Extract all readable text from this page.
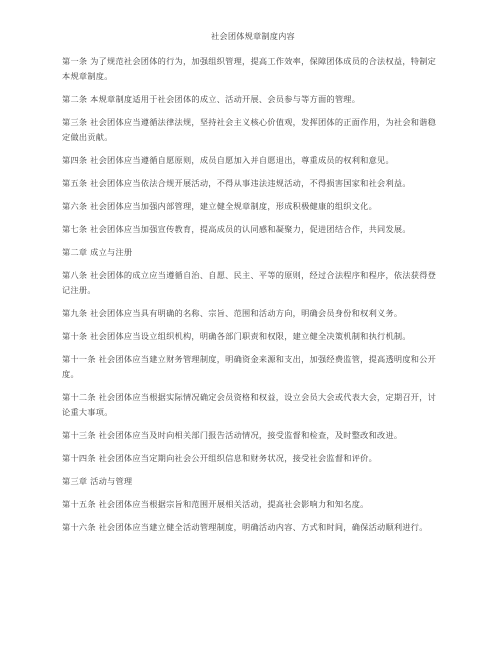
社会团体规章制度内容
第一条 为了规范社会团体的行为，加强组织管理，提高工作效率，保障团体成员的合法权益，特制定本规章制度。
第二条 本规章制度适用于社会团体的成立、活动开展、会员参与等方面的管理。
第三条 社会团体应当遵循法律法规，坚持社会主义核心价值观，发挥团体的正面作用，为社会和谐稳定做出贡献。
第四条 社会团体应当遵循自愿原则，成员自愿加入并自愿退出，尊重成员的权利和意见。
第五条 社会团体应当依法合规开展活动，不得从事违法违规活动，不得损害国家和社会利益。
第六条 社会团体应当加强内部管理，建立健全规章制度，形成积极健康的组织文化。
第七条 社会团体应当加强宣传教育，提高成员的认同感和凝聚力，促进团结合作，共同发展。
第二章 成立与注册
第八条 社会团体的成立应当遵循自治、自愿、民主、平等的原则，经过合法程序和程序，依法获得登记注册。
第九条 社会团体应当具有明确的名称、宗旨、范围和活动方向，明确会员身份和权利义务。
第十条 社会团体应当设立组织机构，明确各部门职责和权限，建立健全决策机制和执行机制。
第十一条 社会团体应当建立财务管理制度，明确资金来源和支出，加强经费监管，提高透明度和公开度。
第十二条 社会团体应当根据实际情况确定会员资格和权益，设立会员大会或代表大会，定期召开，讨论重大事项。
第十三条 社会团体应当及时向相关部门报告活动情况，接受监督和检查，及时整改和改进。
第十四条 社会团体应当定期向社会公开组织信息和财务状况，接受社会监督和评价。
第三章 活动与管理
第十五条 社会团体应当根据宗旨和范围开展相关活动，提高社会影响力和知名度。
第十六条 社会团体应当建立健全活动管理制度，明确活动内容、方式和时间，确保活动顺利进行。
